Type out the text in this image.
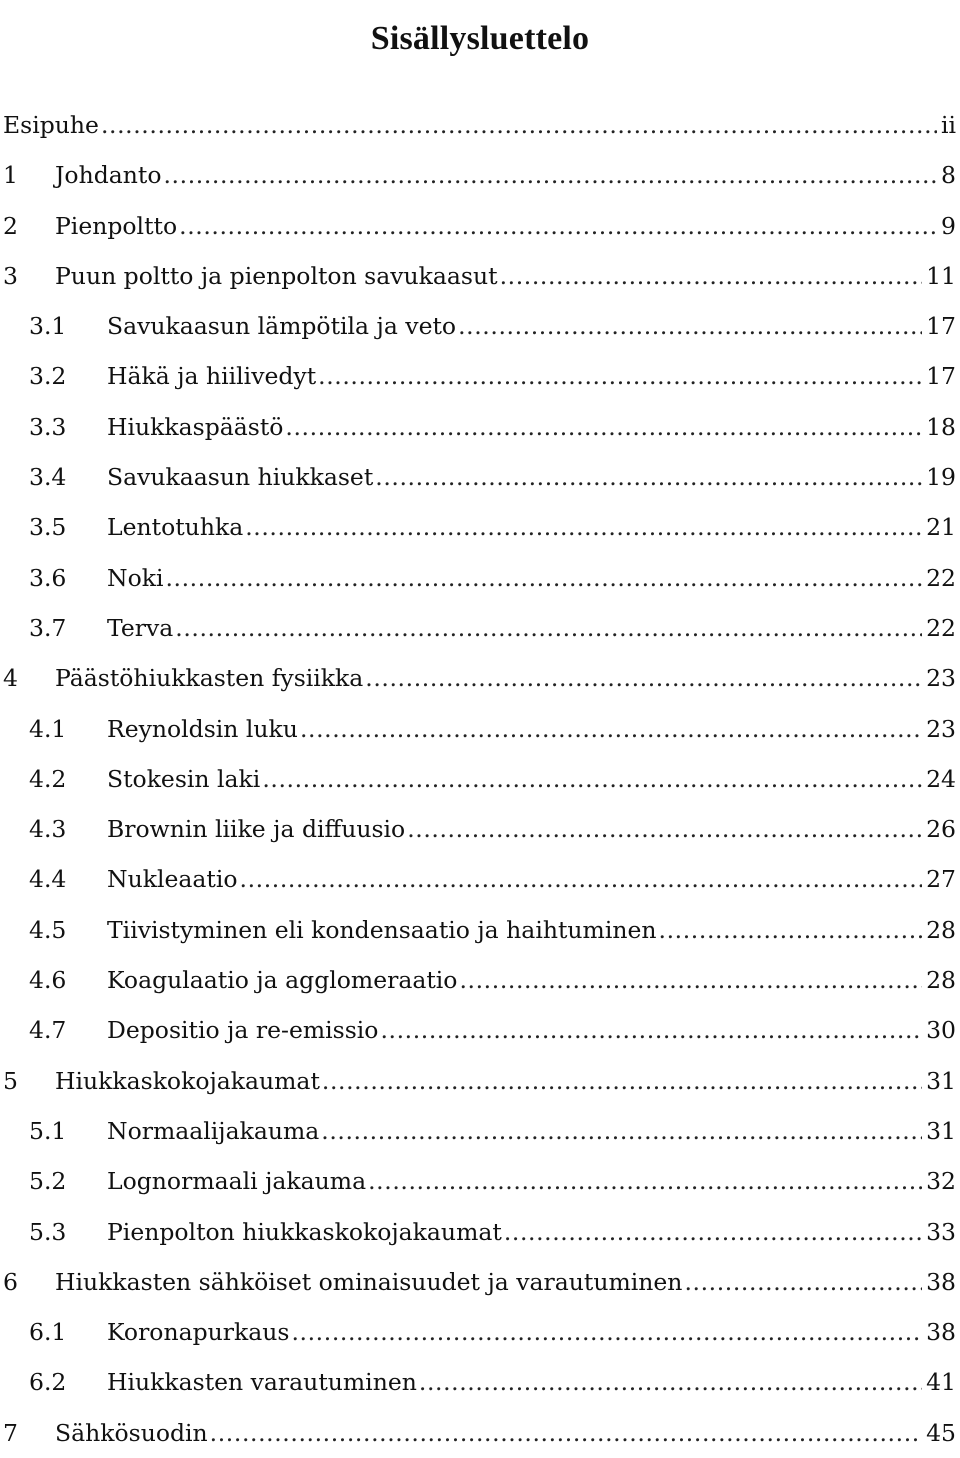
Sisällysluettelo
Esipuhe .....	ii
1	Johdanto .....	8
2	Pienpoltto .....	9
3	Puun poltto ja pienpolton savukaasut .....	11
3.1	Savukaasun lämpötila ja veto .....	17
3.2	Häkä ja hiilivedyt .....	17
3.3	Hiukkaspäästö .....	18
3.4	Savukaasun hiukkaset .....	19
3.5	Lentotuhka .....	21
3.6	Noki .....	22
3.7	Terva .....	22
4	Päästöhiukkasten fysiikka .....	23
4.1	Reynoldsin luku .....	23
4.2	Stokesin laki .....	24
4.3	Brownin liike ja diffuusio .....	26
4.4	Nukleaatio .....	27
4.5	Tiivistyminen eli kondensaatio ja haihtuminen .....	28
4.6	Koagulaatio ja agglomeraatio .....	28
4.7	Depositio ja re-emissio .....	30
5	Hiukkaskokojakaumat .....	31
5.1	Normaalijakauma .....	31
5.2	Lognormaali jakauma .....	32
5.3	Pienpolton hiukkaskokojakaumat .....	33
6	Hiukkasten sähköiset ominaisuudet ja varautuminen .....	38
6.1	Koronapurkaus .....	38
6.2	Hiukkasten varautuminen .....	41
7	Sähkösuodin .....	45
